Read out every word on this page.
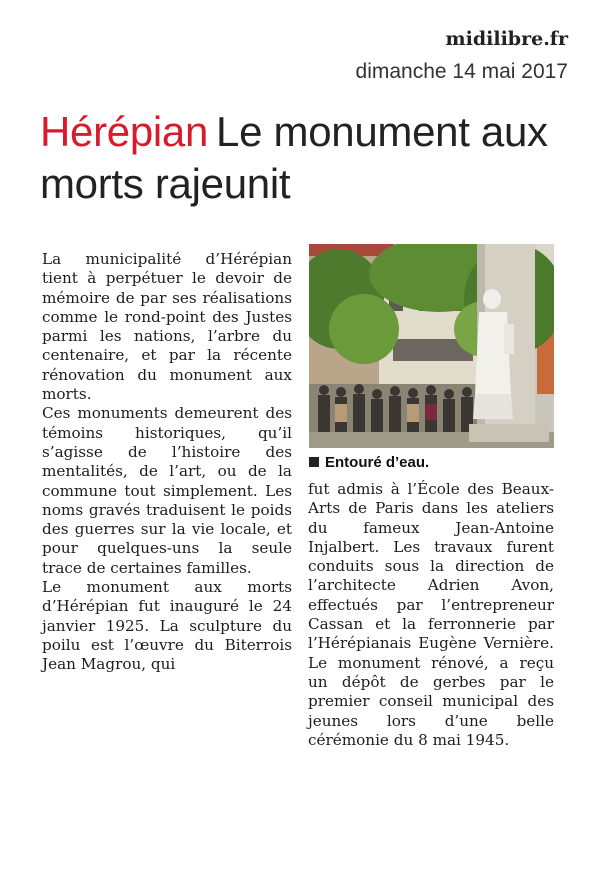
midilibre.fr
dimanche 14 mai 2017
Hérépian Le monument aux morts rajeunit

La municipalité d’Hérépian tient à perpétuer le devoir de mémoire de par ses réalisations comme le rond-point des Justes parmi les nations, l’arbre du centenaire, et par la récente rénovation du monument aux morts.

Ces monuments demeurent des témoins historiques, qu’il s’agisse de l’histoire des mentalités, de l’art, ou de la commune tout simplement. Les noms gravés traduisent le poids des guerres sur la vie locale, et pour quelques-uns la seule trace de certaines familles.

Le monument aux morts d’Hérépian fut inauguré le 24 janvier 1925. La sculpture du poilu est l’œuvre du Biterrois Jean Magrou, qui

Entouré d’eau.

fut admis à l’École des Beaux-Arts de Paris dans les ateliers du fameux Jean-Antoine Injalbert. Les travaux furent conduits sous la direction de l’architecte Adrien Avon, effectués par l’entrepreneur Cassan et la ferronnerie par l’Hérépianais Eugène Vernière. Le monument rénové, a reçu un dépôt de gerbes par le premier conseil municipal des jeunes lors d’une belle cérémonie du 8 mai 1945.
